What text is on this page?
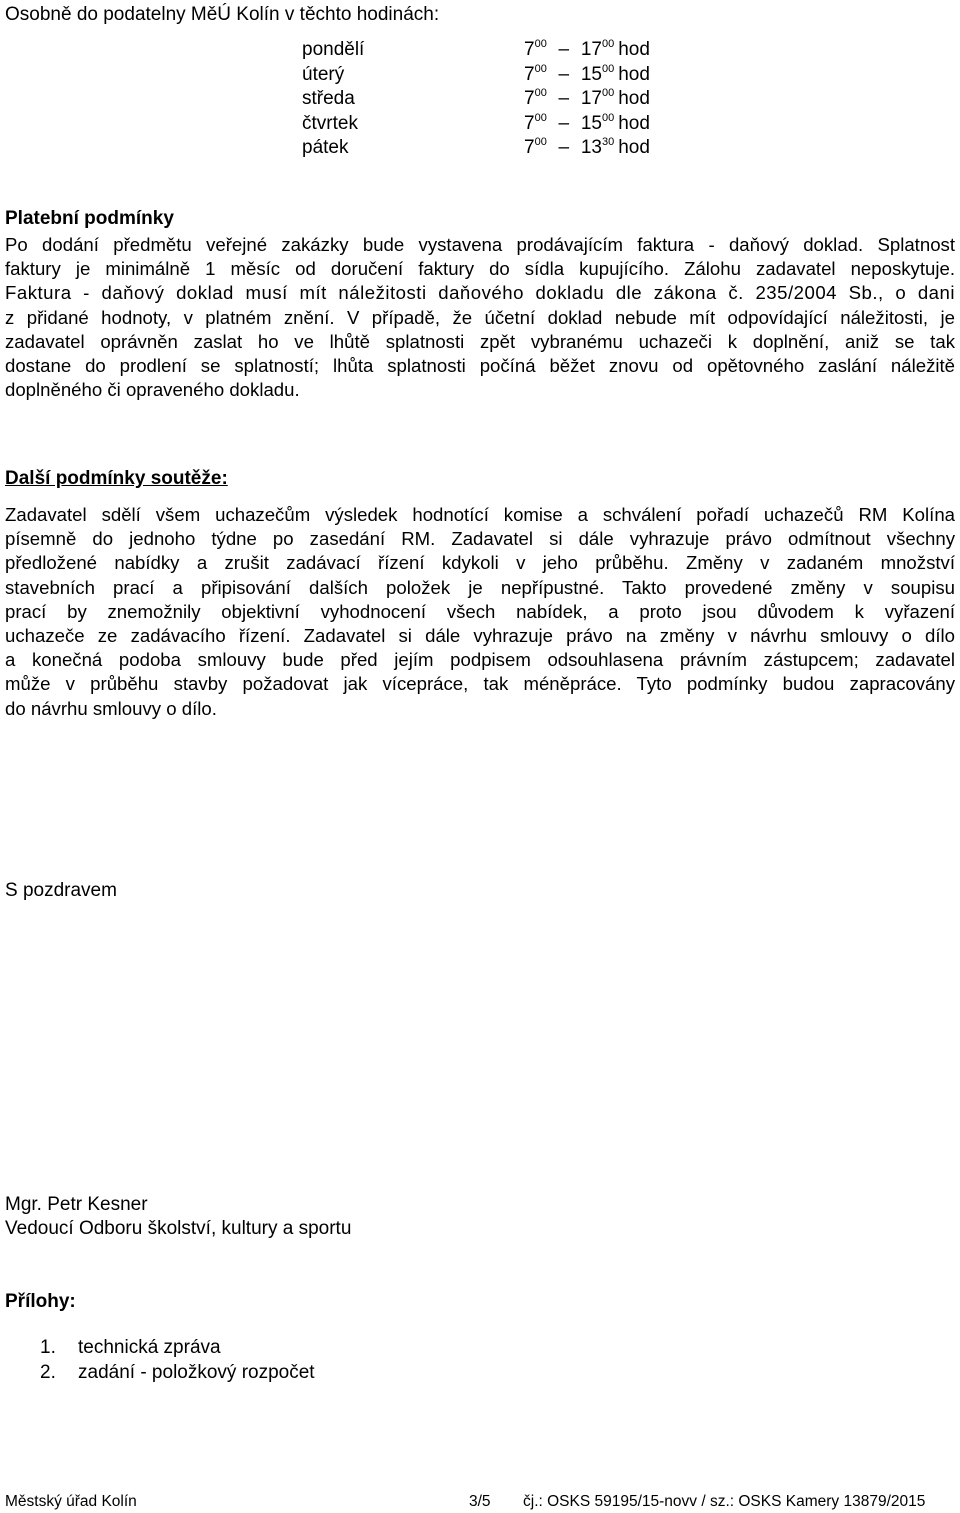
Osobně do podatelny MěÚ Kolín v těchto hodinách:
pondělí	$7^{00} - 17^{00}$ hod
úterý	$7^{00} - 15^{00}$ hod
středa	$7^{00} - 17^{00}$ hod
čtvrtek	$7^{00} - 15^{00}$ hod
pátek	$7^{00} - 13^{30}$ hod
Platební podmínky
Po dodání předmětu veřejné zakázky bude vystavena prodávajícím faktura - daňový doklad. Splatnost
faktury je minimálně 1 měsíc od doručení faktury do sídla kupujícího. Zálohu zadavatel neposkytuje.
Faktura - daňový doklad musí mít náležitosti daňového dokladu dle zákona č. 235/2004 Sb., o dani
z přidané hodnoty, v platném znění. V případě, že účetní doklad nebude mít odpovídající náležitosti, je
zadavatel oprávněn zaslat ho ve lhůtě splatnosti zpět vybranému uchazeči k doplnění, aniž se tak
dostane do prodlení se splatností; lhůta splatnosti počíná běžet znovu od opětovného zaslání náležitě
doplněného či opraveného dokladu.
Další podmínky soutěže:
Zadavatel sdělí všem uchazečům výsledek hodnotící komise a schválení pořadí uchazečů RM Kolína
písemně do jednoho týdne po zasedání RM. Zadavatel si dále vyhrazuje právo odmítnout všechny
předložené nabídky a zrušit zadávací řízení kdykoli v jeho průběhu. Změny v zadaném množství
stavebních prací a připisování dalších položek je nepřípustné. Takto provedené změny v soupisu
prací by znemožnily objektivní vyhodnocení všech nabídek, a proto jsou důvodem k vyřazení
uchazeče ze zadávacího řízení. Zadavatel si dále vyhrazuje právo na změny v návrhu smlouvy o dílo
a konečná podoba smlouvy bude před jejím podpisem odsouhlasena právním zástupcem; zadavatel
může v průběhu stavby požadovat jak vícepráce, tak méněpráce. Tyto podmínky budou zapracovány
do návrhu smlouvy o dílo.
S pozdravem
Mgr. Petr Kesner
Vedoucí Odboru školství, kultury a sportu
Přílohy:
1. technická zpráva
2. zadání - položkový rozpočet
Městský úřad Kolín	3/5 čj.: OSKS 59195/15-novv / sz.: OSKS Kamery 13879/2015
